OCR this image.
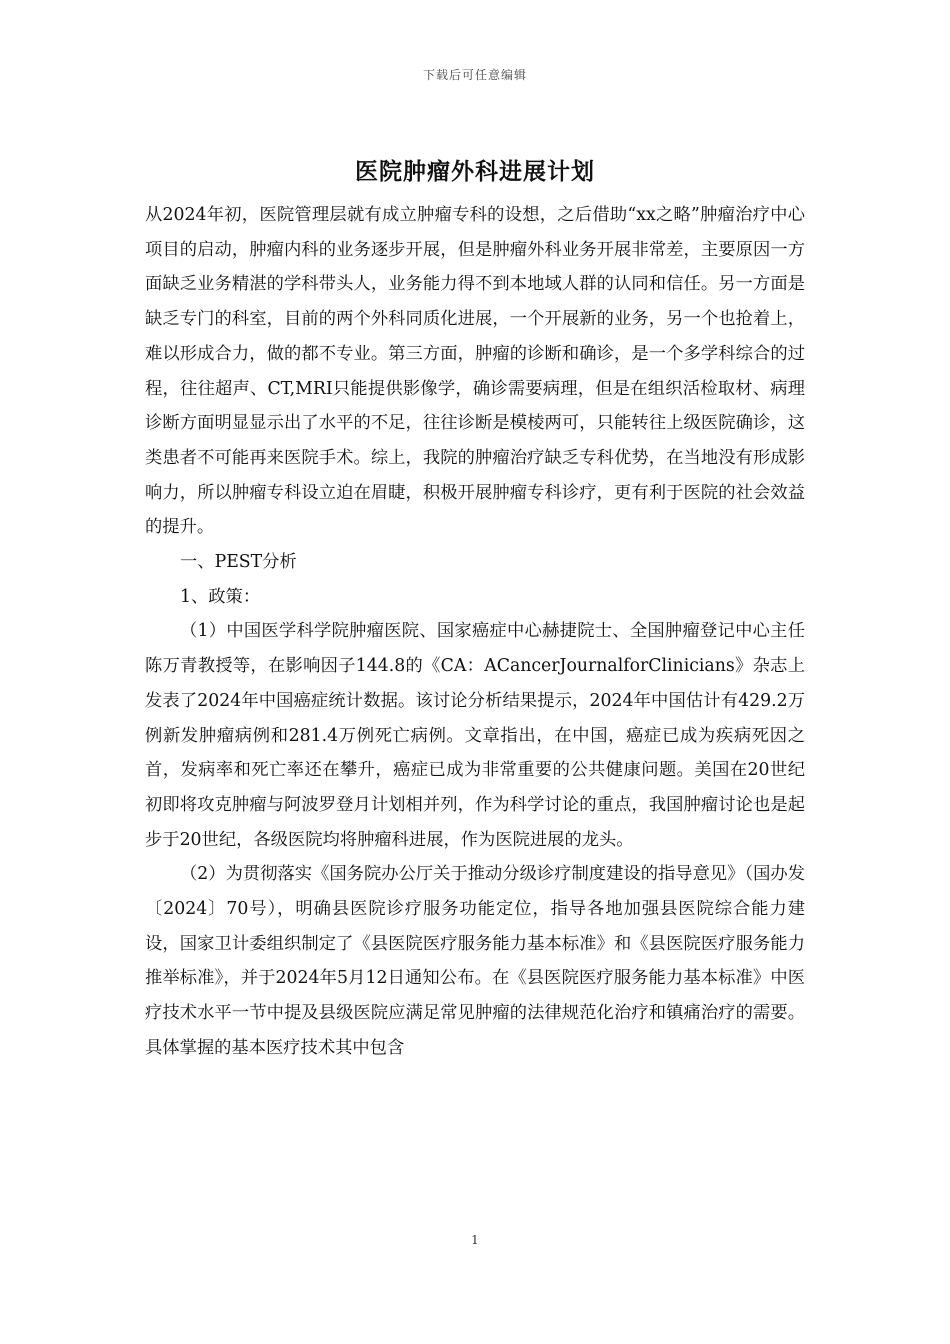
下载后可任意编辑
医院肿瘤外科进展计划

从2024年初，医院管理层就有成立肿瘤专科的设想，之后借助“xx之略”肿瘤治疗中心项目的启动，肿瘤内科的业务逐步开展，但是肿瘤外科业务开展非常差，主要原因一方面缺乏业务精湛的学科带头人，业务能力得不到本地域人群的认同和信任。另一方面是缺乏专门的科室，目前的两个外科同质化进展，一个开展新的业务，另一个也抢着上，难以形成合力，做的都不专业。第三方面，肿瘤的诊断和确诊，是一个多学科综合的过程，往往超声、CT,MRI只能提供影像学，确诊需要病理，但是在组织活检取材、病理诊断方面明显显示出了水平的不足，往往诊断是模棱两可，只能转往上级医院确诊，这类患者不可能再来医院手术。综上，我院的肿瘤治疗缺乏专科优势，在当地没有形成影响力，所以肿瘤专科设立迫在眉睫，积极开展肿瘤专科诊疗，更有利于医院的社会效益的提升。

一、PEST分析

1、政策：

（1）中国医学科学院肿瘤医院、国家癌症中心赫捷院士、全国肿瘤登记中心主任陈万青教授等，在影响因子144.8的《CA：ACancerJournalforClinicians》杂志上发表了2024年中国癌症统计数据。该讨论分析结果提示，2024年中国估计有429.2万例新发肿瘤病例和281.4万例死亡病例。文章指出，在中国，癌症已成为疾病死因之首，发病率和死亡率还在攀升，癌症已成为非常重要的公共健康问题。美国在20世纪初即将攻克肿瘤与阿波罗登月计划相并列，作为科学讨论的重点，我国肿瘤讨论也是起步于20世纪，各级医院均将肿瘤科进展，作为医院进展的龙头。

（2）为贯彻落实《国务院办公厅关于推动分级诊疗制度建设的指导意见》（国办发〔2024〕70号），明确县医院诊疗服务功能定位，指导各地加强县医院综合能力建设，国家卫计委组织制定了《县医院医疗服务能力基本标准》和《县医院医疗服务能力推举标准》，并于2024年5月12日通知公布。在《县医院医疗服务能力基本标准》中医疗技术水平一节中提及县级医院应满足常见肿瘤的法律规范化治疗和镇痛治疗的需要。具体掌握的基本医疗技术其中包含

1
